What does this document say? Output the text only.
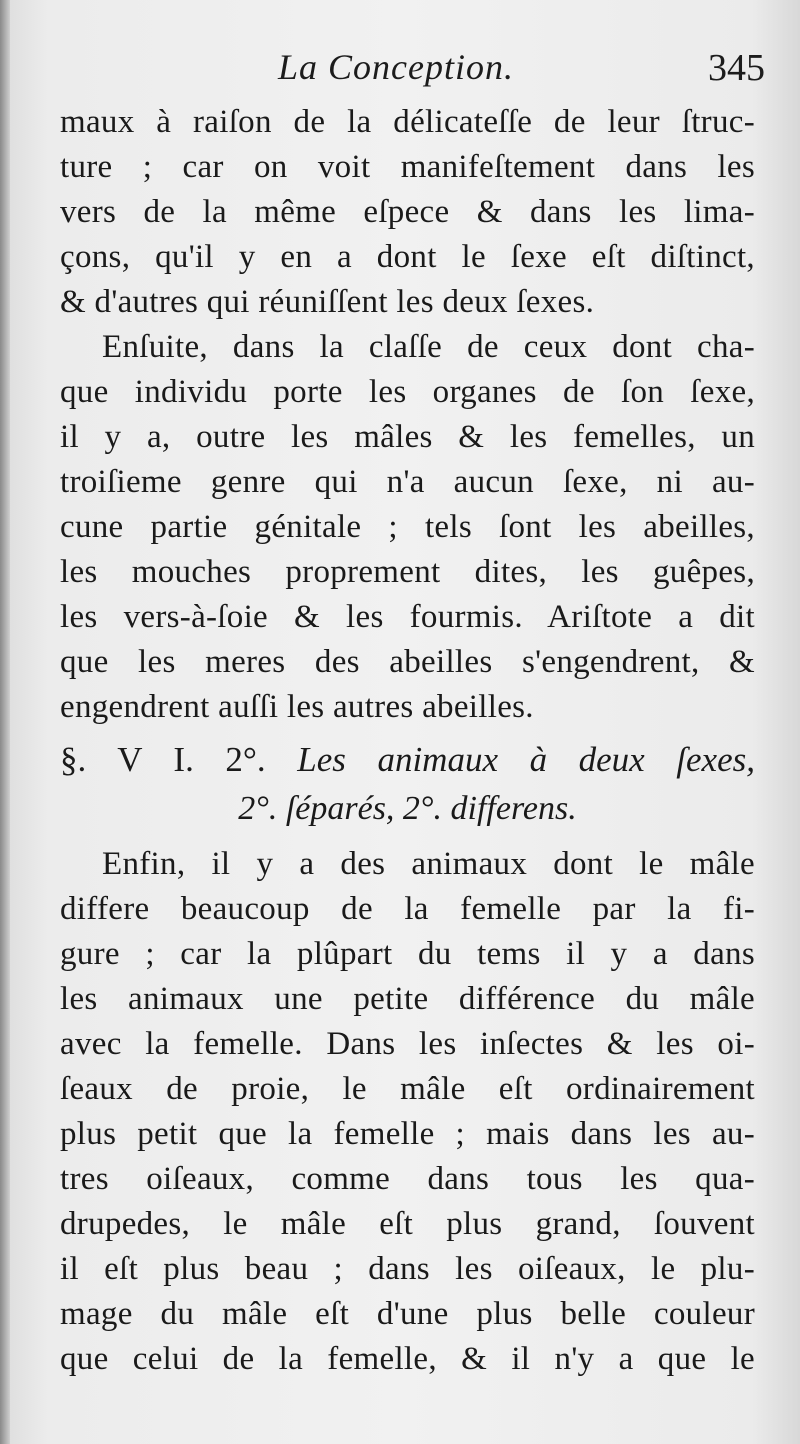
La Conception.	345
maux à raiſon de la délicateſſe de leur ſtruc-
ture ; car on voit manifeſtement dans les
vers de la même eſpece & dans les lima-
çons, qu'il y en a dont le ſexe eſt diſtinct,
& d'autres qui réuniſſent les deux ſexes.
Enſuite, dans la claſſe de ceux dont cha-
que individu porte les organes de ſon ſexe,
il y a, outre les mâles & les femelles, un
troiſieme genre qui n'a aucun ſexe, ni au-
cune partie génitale ; tels ſont les abeilles,
les mouches proprement dites, les guêpes,
les vers-à-ſoie & les fourmis. Ariſtote a dit
que les meres des abeilles s'engendrent, &
engendrent auſſi les autres abeilles.
§. V I. 2°. Les animaux à deux ſexes,
2°. ſéparés, 2°. differens.
Enfin, il y a des animaux dont le mâle
differe beaucoup de la femelle par la fi-
gure ; car la plûpart du tems il y a dans
les animaux une petite différence du mâle
avec la femelle. Dans les inſectes & les oi-
ſeaux de proie, le mâle eſt ordinairement
plus petit que la femelle ; mais dans les au-
tres oiſeaux, comme dans tous les qua-
drupedes, le mâle eſt plus grand, ſouvent
il eſt plus beau ; dans les oiſeaux, le plu-
mage du mâle eſt d'une plus belle couleur
que celui de la femelle, & il n'y a que le
